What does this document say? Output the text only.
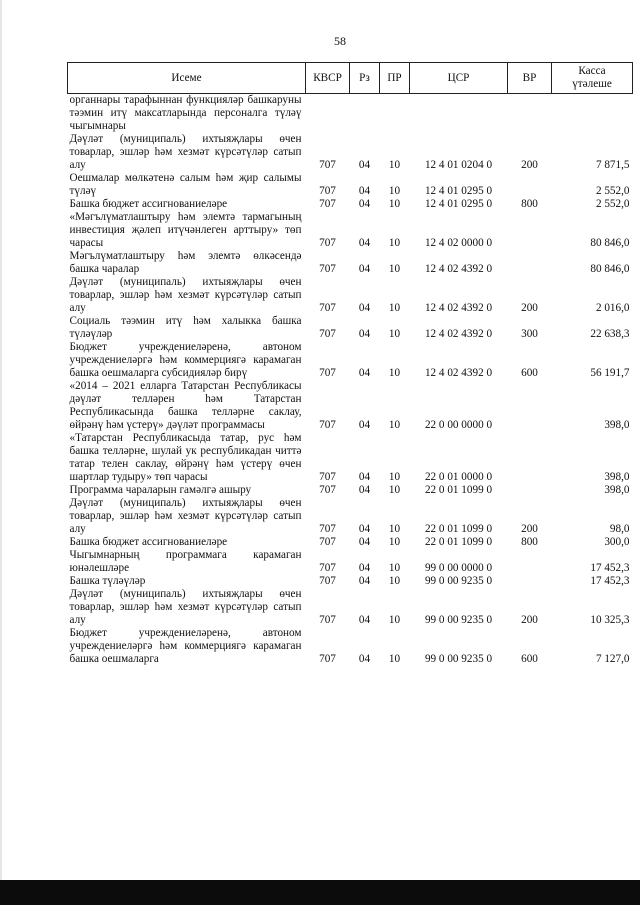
58
Исеме	КВСР	Рз	ПР	ЦСР	ВР	Касса
үтәлеше

органнары тарафыннан функцияләр башкаруны тәэмин итү максатларында персоналга түләү чыгымнары						
Дәүләт (муниципаль) ихтыяҗлары өчен товарлар, эшләр һәм хезмәт күрсәтүләр сатып алу	707	04	10	12 4 01 0204 0	200	7 871,5
Оешмалар мөлкәтенә салым һәм җир салымы түләү	707	04	10	12 4 01 0295 0		2 552,0
Башка бюджет ассигнованиеләре	707	04	10	12 4 01 0295 0	800	2 552,0
«Мәгълүматлаштыру һәм элемтә тармагының инвестиция җәлеп итүчәнлеген арттыру» төп чарасы	707	04	10	12 4 02 0000 0		80 846,0
Мәгълүматлаштыру һәм элемтә өлкәсендә башка чаралар	707	04	10	12 4 02 4392 0		80 846,0
Дәүләт (муниципаль) ихтыяҗлары өчен товарлар, эшләр һәм хезмәт күрсәтүләр сатып алу	707	04	10	12 4 02 4392 0	200	2 016,0
Социаль тәэмин итү һәм халыкка башка түләүләр	707	04	10	12 4 02 4392 0	300	22 638,3
Бюджет учреждениеләренә, автоном учреждениеләргә һәм коммерциягә карамаган башка оешмаларга субсидияләр бирү	707	04	10	12 4 02 4392 0	600	56 191,7
«2014 – 2021 елларга Татарстан Республикасы дәүләт телләрен һәм Татарстан Республикасында башка телләрне саклау, өйрәнү һәм үстерү» дәүләт программасы	707	04	10	22 0 00 0000 0		398,0
«Татарстан Республикасыда татар, рус һәм башка телләрне, шулай ук республикадан читтә татар телен саклау, өйрәнү һәм үстерү өчен шартлар тудыру» төп чарасы	707	04	10	22 0 01 0000 0		398,0
Программа чараларын гамәлгә ашыру	707	04	10	22 0 01 1099 0		398,0
Дәүләт (муниципаль) ихтыяҗлары өчен товарлар, эшләр һәм хезмәт күрсәтүләр сатып алу	707	04	10	22 0 01 1099 0	200	98,0
Башка бюджет ассигнованиеләре	707	04	10	22 0 01 1099 0	800	300,0
Чыгымнарның программага карамаган юнәлешләре	707	04	10	99 0 00 0000 0		17 452,3
Башка түләүләр	707	04	10	99 0 00 9235 0		17 452,3
Дәүләт (муниципаль) ихтыяҗлары өчен товарлар, эшләр һәм хезмәт күрсәтүләр сатып алу	707	04	10	99 0 00 9235 0	200	10 325,3
Бюджет учреждениеләренә, автоном учреждениеләргә һәм коммерциягә карамаган башка оешмаларга	707	04	10	99 0 00 9235 0	600	7 127,0
